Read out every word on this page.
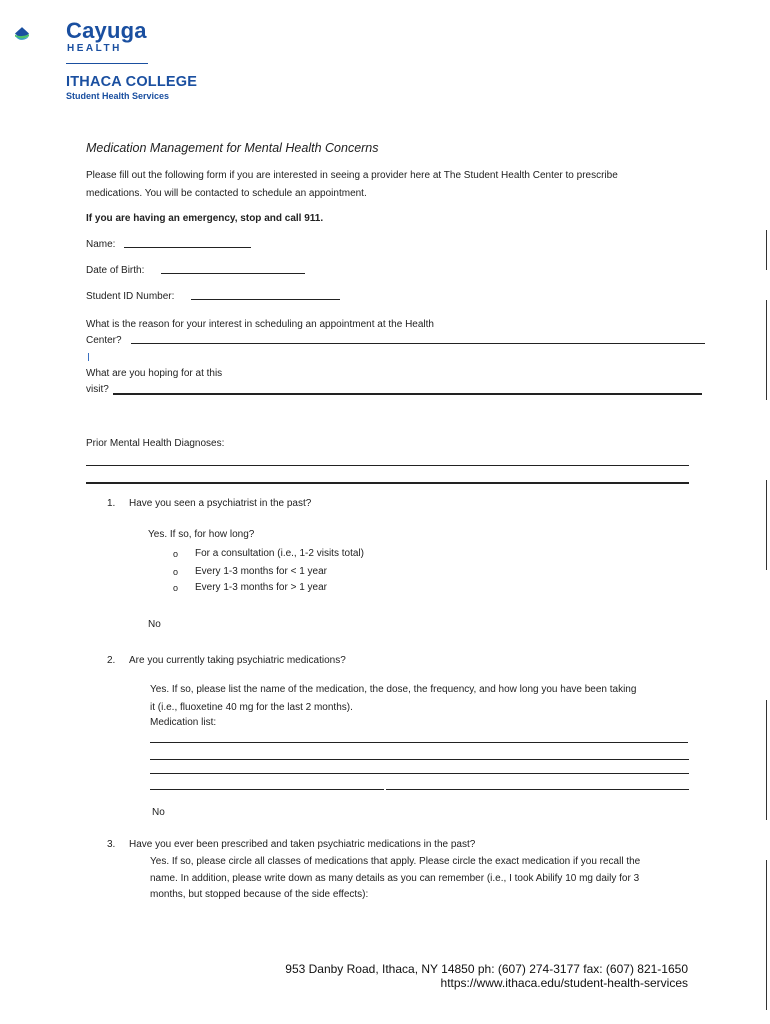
Cayuga
HEALTH
ITHACA COLLEGE
Student Health Services
Medication Management for Mental Health Concerns
Please fill out the following form if you are interested in seeing a provider here at The Student Health Center to prescribe
medications. You will be contacted to schedule an appointment.
If you are having an emergency, stop and call 911.
Name:
Date of Birth:
Student ID Number:
What is the reason for your interest in scheduling an appointment at the Health
Center?
What are you hoping for at this
visit?
Prior Mental Health Diagnoses:
1. Have you seen a psychiatrist in the past?
Yes. If so, for how long?
o For a consultation (i.e., 1-2 visits total)
o Every 1-3 months for < 1 year
o Every 1-3 months for > 1 year
No
2. Are you currently taking psychiatric medications?
Yes. If so, please list the name of the medication, the dose, the frequency, and how long you have been taking
it (i.e., fluoxetine 40 mg for the last 2 months).
Medication list:
No
3. Have you ever been prescribed and taken psychiatric medications in the past?
Yes. If so, please circle all classes of medications that apply. Please circle the exact medication if you recall the
name. In addition, please write down as many details as you can remember (i.e., I took Abilify 10 mg daily for 3
months, but stopped because of the side effects):
953 Danby Road, Ithaca, NY 14850 ph: (607) 274-3177 fax: (607) 821-1650
https://www.ithaca.edu/student-health-services
